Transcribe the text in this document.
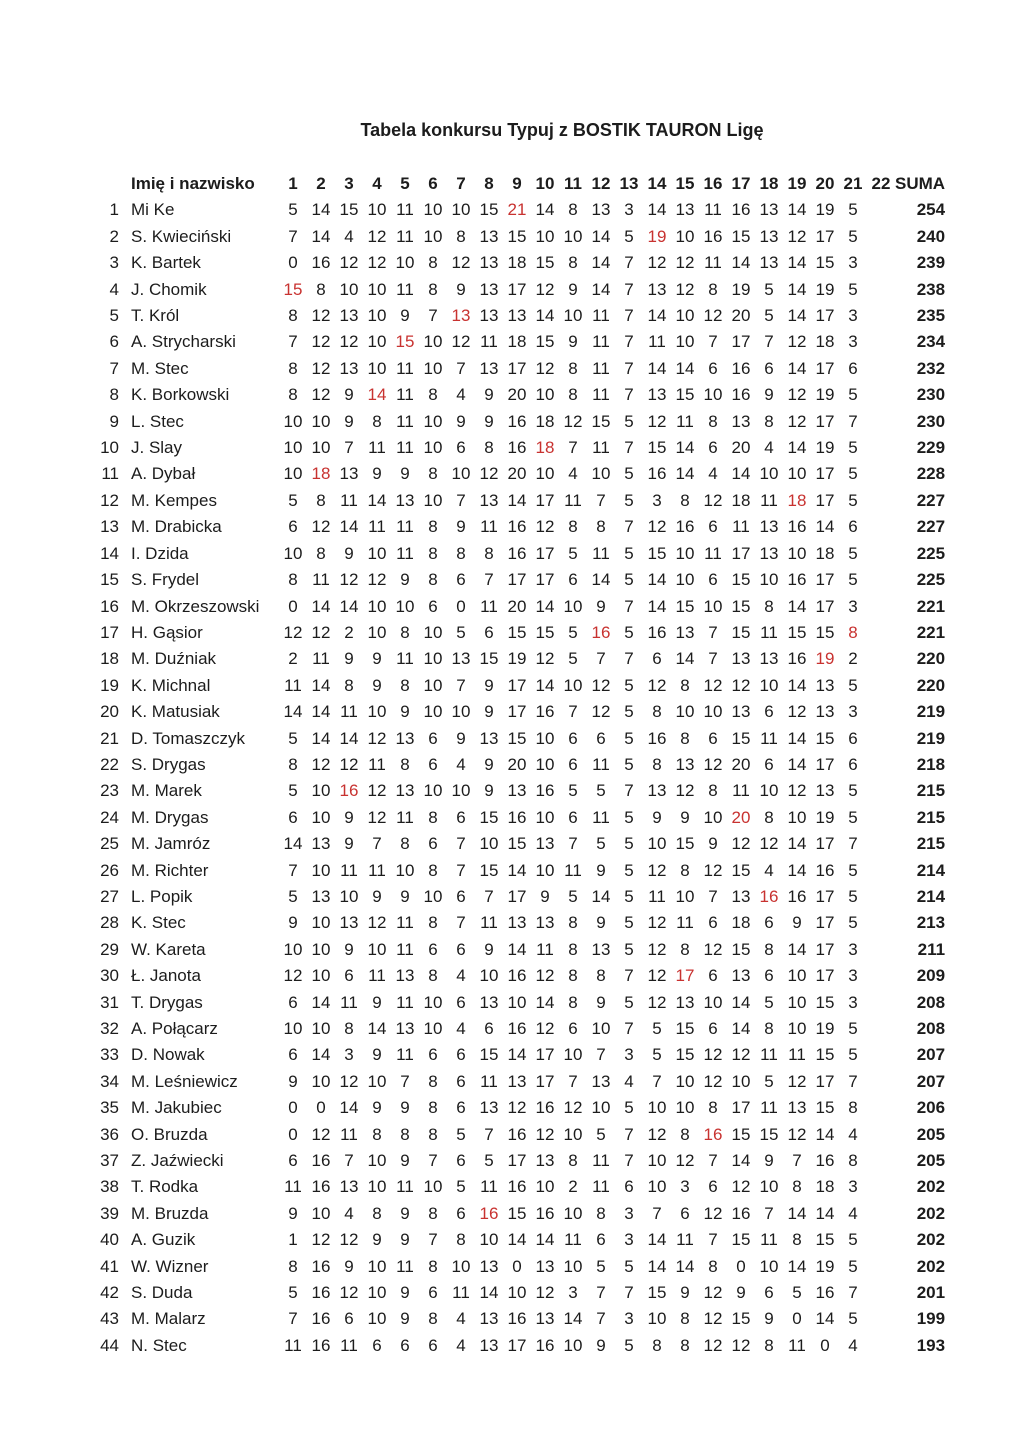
Tabela konkursu Typuj z BOSTIK TAURON Ligę
	Imię i nazwisko	1	2	3	4	5	6	7	8	9	10	11	12	13	14	15	16	17	18	19	20	21	22	SUMA
1	Mi Ke	5	14	15	10	11	10	10	15	21	14	8	13	3	14	13	11	16	13	14	19	5		254
2	S. Kwieciński	7	14	4	12	11	10	8	13	15	10	10	14	5	19	10	16	15	13	12	17	5		240
3	K. Bartek	0	16	12	12	10	8	12	13	18	15	8	14	7	12	12	11	14	13	14	15	3		239
4	J. Chomik	15	8	10	10	11	8	9	13	17	12	9	14	7	13	12	8	19	5	14	19	5		238
5	T. Król	8	12	13	10	9	7	13	13	13	14	10	11	7	14	10	12	20	5	14	17	3		235
6	A. Strycharski	7	12	12	10	15	10	12	11	18	15	9	11	7	11	10	7	17	7	12	18	3		234
7	M. Stec	8	12	13	10	11	10	7	13	17	12	8	11	7	14	14	6	16	6	14	17	6		232
8	K. Borkowski	8	12	9	14	11	8	4	9	20	10	8	11	7	13	15	10	16	9	12	19	5		230
9	L. Stec	10	10	9	8	11	10	9	9	16	18	12	15	5	12	11	8	13	8	12	17	7		230
10	J. Slay	10	10	7	11	11	10	6	8	16	18	7	11	7	15	14	6	20	4	14	19	5		229
11	A. Dybał	10	18	13	9	9	8	10	12	20	10	4	10	5	16	14	4	14	10	10	17	5		228
12	M. Kempes	5	8	11	14	13	10	7	13	14	17	11	7	5	3	8	12	18	11	18	17	5		227
13	M. Drabicka	6	12	14	11	11	8	9	11	16	12	8	8	7	12	16	6	11	13	16	14	6		227
14	I. Dzida	10	8	9	10	11	8	8	8	16	17	5	11	5	15	10	11	17	13	10	18	5		225
15	S. Frydel	8	11	12	12	9	8	6	7	17	17	6	14	5	14	10	6	15	10	16	17	5		225
16	M. Okrzeszowski	0	14	14	10	10	6	0	11	20	14	10	9	7	14	15	10	15	8	14	17	3		221
17	H. Gąsior	12	12	2	10	8	10	5	6	15	15	5	16	5	16	13	7	15	11	15	15	8		221
18	M. Duźniak	2	11	9	9	11	10	13	15	19	12	5	7	7	6	14	7	13	13	16	19	2		220
19	K. Michnal	11	14	8	9	8	10	7	9	17	14	10	12	5	12	8	12	12	10	14	13	5		220
20	K. Matusiak	14	14	11	10	9	10	10	9	17	16	7	12	5	8	10	10	13	6	12	13	3		219
21	D. Tomaszczyk	5	14	14	12	13	6	9	13	15	10	6	6	5	16	8	6	15	11	14	15	6		219
22	S. Drygas	8	12	12	11	8	6	4	9	20	10	6	11	5	8	13	12	20	6	14	17	6		218
23	M. Marek	5	10	16	12	13	10	10	9	13	16	5	5	7	13	12	8	11	10	12	13	5		215
24	M. Drygas	6	10	9	12	11	8	6	15	16	10	6	11	5	9	9	10	20	8	10	19	5		215
25	M. Jamróz	14	13	9	7	8	6	7	10	15	13	7	5	5	10	15	9	12	12	14	17	7		215
26	M. Richter	7	10	11	11	10	8	7	15	14	10	11	9	5	12	8	12	15	4	14	16	5		214
27	L. Popik	5	13	10	9	9	10	6	7	17	9	5	14	5	11	10	7	13	16	16	17	5		214
28	K. Stec	9	10	13	12	11	8	7	11	13	13	8	9	5	12	11	6	18	6	9	17	5		213
29	W. Kareta	10	10	9	10	11	6	6	9	14	11	8	13	5	12	8	12	15	8	14	17	3		211
30	Ł. Janota	12	10	6	11	13	8	4	10	16	12	8	8	7	12	17	6	13	6	10	17	3		209
31	T. Drygas	6	14	11	9	11	10	6	13	10	14	8	9	5	12	13	10	14	5	10	15	3		208
32	A. Połącarz	10	10	8	14	13	10	4	6	16	12	6	10	7	5	15	6	14	8	10	19	5		208
33	D. Nowak	6	14	3	9	11	6	6	15	14	17	10	7	3	5	15	12	12	11	11	15	5		207
34	M. Leśniewicz	9	10	12	10	7	8	6	11	13	17	7	13	4	7	10	12	10	5	12	17	7		207
35	M. Jakubiec	0	0	14	9	9	8	6	13	12	16	12	10	5	10	10	8	17	11	13	15	8		206
36	O. Bruzda	0	12	11	8	8	8	5	7	16	12	10	5	7	12	8	16	15	15	12	14	4		205
37	Z. Jaźwiecki	6	16	7	10	9	7	6	5	17	13	8	11	7	10	12	7	14	9	7	16	8		205
38	T. Rodka	11	16	13	10	11	10	5	11	16	10	2	11	6	10	3	6	12	10	8	18	3		202
39	M. Bruzda	9	10	4	8	9	8	6	16	15	16	10	8	3	7	6	12	16	7	14	14	4		202
40	A. Guzik	1	12	12	9	9	7	8	10	14	14	11	6	3	14	11	7	15	11	8	15	5		202
41	W. Wizner	8	16	9	10	11	8	10	13	0	13	10	5	5	14	14	8	0	10	14	19	5		202
42	S. Duda	5	16	12	10	9	6	11	14	10	12	3	7	7	15	9	12	9	6	5	16	7		201
43	M. Malarz	7	16	6	10	9	8	4	13	16	13	14	7	3	10	8	12	15	9	0	14	5		199
44	N. Stec	11	16	11	6	6	6	4	13	17	16	10	9	5	8	8	12	12	8	11	0	4		193
